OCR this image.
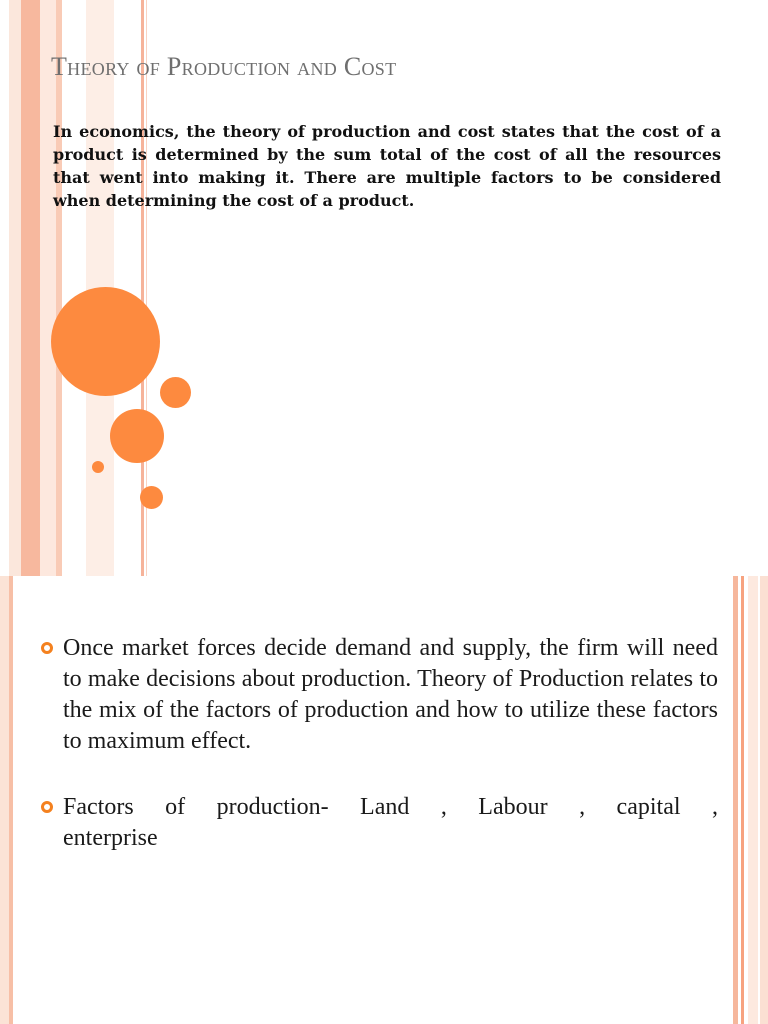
Theory of Production and Cost

In economics, the theory of production and cost states that the cost of a product is determined by the sum total of the cost of all the resources that went into making it. There are multiple factors to be considered when determining the cost of a product.

Once market forces decide demand and supply, the firm will need to make decisions about production. Theory of Production relates to the mix of the factors of production and how to utilize these factors to maximum effect.
Factors of production- Land , Labour , capital ,
enterprise
